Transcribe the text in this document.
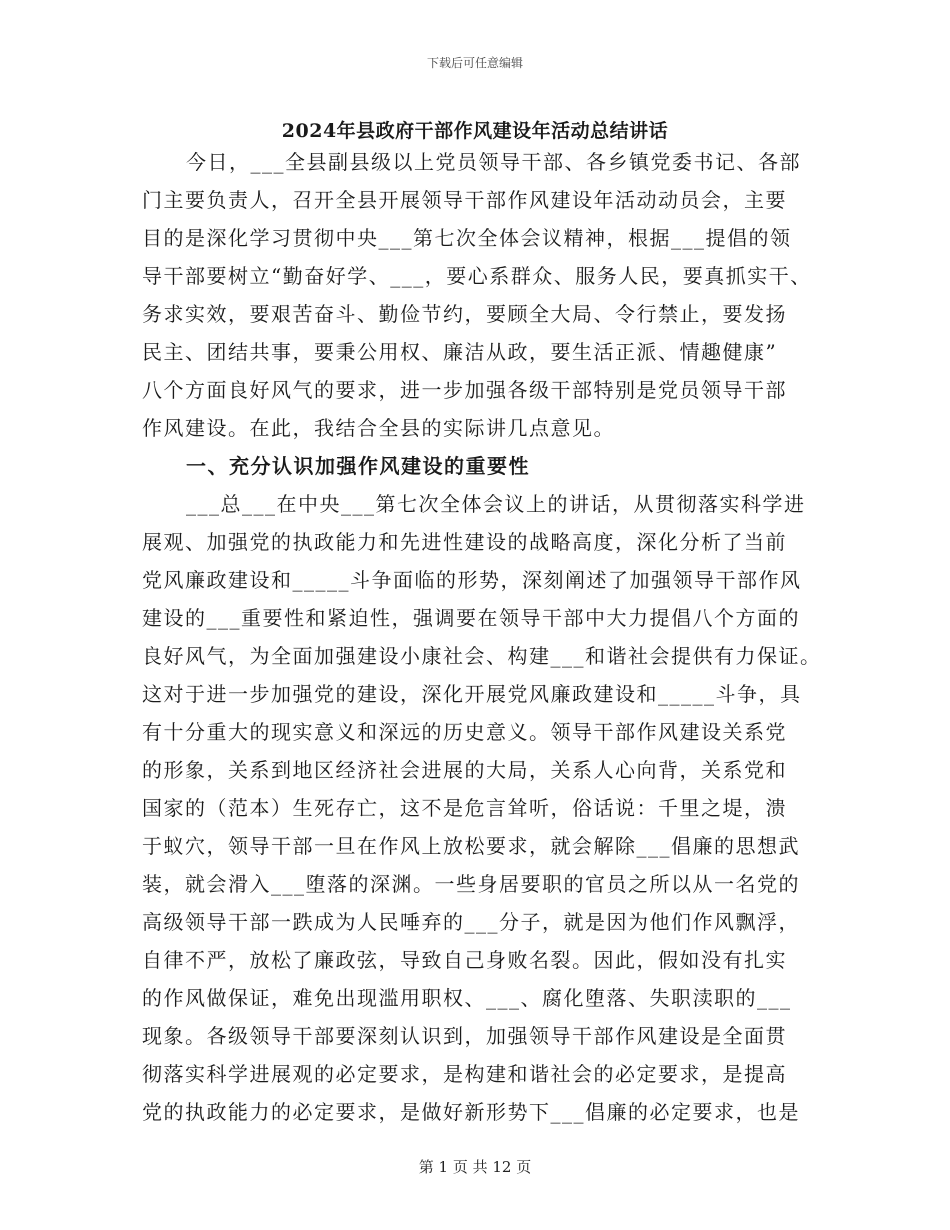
下载后可任意编辑
2024年县政府干部作风建设年活动总结讲话
今日，___全县副县级以上党员领导干部、各乡镇党委书记、各部
门主要负责人，召开全县开展领导干部作风建设年活动动员会，主要
目的是深化学习贯彻中央___第七次全体会议精神，根据___提倡的领
导干部要树立“勤奋好学、___，要心系群众、服务人民，要真抓实干、
务求实效，要艰苦奋斗、勤俭节约，要顾全大局、令行禁止，要发扬
民主、团结共事，要秉公用权、廉洁从政，要生活正派、情趣健康”
八个方面良好风气的要求，进一步加强各级干部特别是党员领导干部
作风建设。在此，我结合全县的实际讲几点意见。
一、充分认识加强作风建设的重要性
___总___在中央___第七次全体会议上的讲话，从贯彻落实科学进
展观、加强党的执政能力和先进性建设的战略高度，深化分析了当前
党风廉政建设和_____斗争面临的形势，深刻阐述了加强领导干部作风
建设的___重要性和紧迫性，强调要在领导干部中大力提倡八个方面的
良好风气，为全面加强建设小康社会、构建___和谐社会提供有力保证。
这对于进一步加强党的建设，深化开展党风廉政建设和_____斗争，具
有十分重大的现实意义和深远的历史意义。领导干部作风建设关系党
的形象，关系到地区经济社会进展的大局，关系人心向背，关系党和
国家的（范本）生死存亡，这不是危言耸听，俗话说：千里之堤，溃
于蚁穴，领导干部一旦在作风上放松要求，就会解除___倡廉的思想武
装，就会滑入___堕落的深渊。一些身居要职的官员之所以从一名党的
高级领导干部一跌成为人民唾弃的___分子，就是因为他们作风飘浮，
自律不严，放松了廉政弦，导致自己身败名裂。因此，假如没有扎实
的作风做保证，难免出现滥用职权、___、腐化堕落、失职渎职的___
现象。各级领导干部要深刻认识到，加强领导干部作风建设是全面贯
彻落实科学进展观的必定要求，是构建和谐社会的必定要求，是提高
党的执政能力的必定要求，是做好新形势下___倡廉的必定要求，也是
第 1 页 共 12 页
